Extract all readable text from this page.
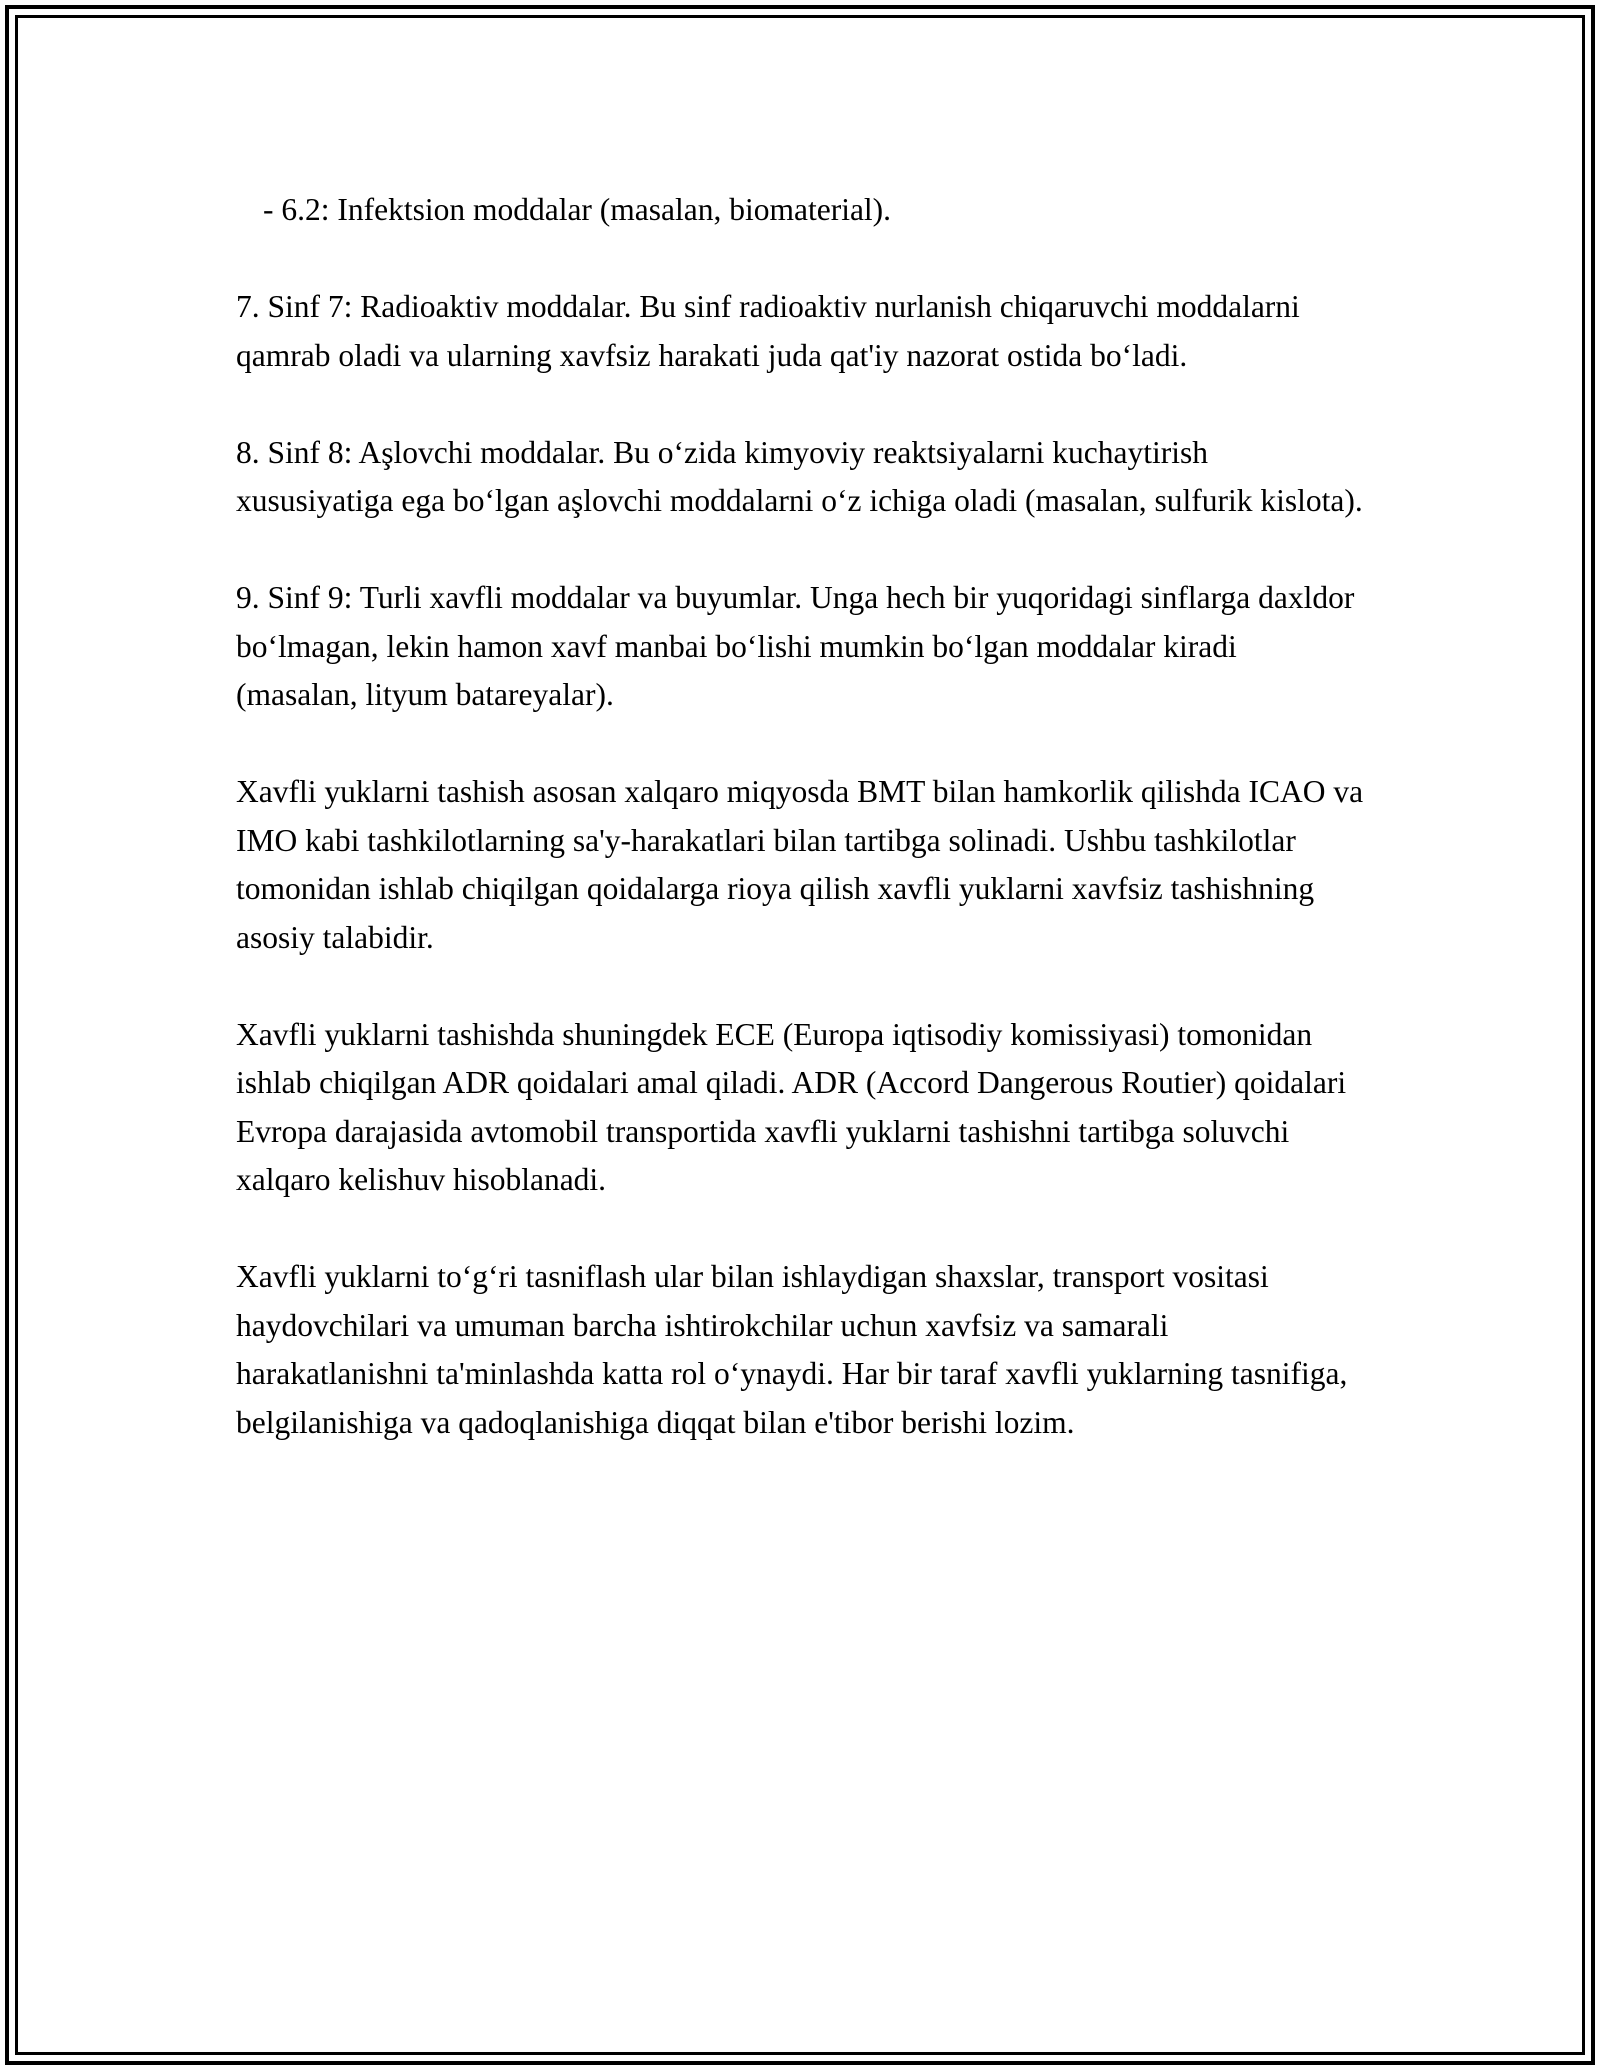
- 6.2: Infektsion moddalar (masalan, biomaterial).

7. Sinf 7: Radioaktiv moddalar. Bu sinf radioaktiv nurlanish chiqaruvchi moddalarni qamrab oladi va ularning xavfsiz harakati juda qat'iy nazorat ostida bo‘ladi.

8. Sinf 8: Aşlovchi moddalar. Bu o‘zida kimyoviy reaktsiyalarni kuchaytirish xususiyatiga ega bo‘lgan aşlovchi moddalarni o‘z ichiga oladi (masalan, sulfurik kislota).

9. Sinf 9: Turli xavfli moddalar va buyumlar. Unga hech bir yuqoridagi sinflarga daxldor bo‘lmagan, lekin hamon xavf manbai bo‘lishi mumkin bo‘lgan moddalar kiradi (masalan, lityum batareyalar).

Xavfli yuklarni tashish asosan xalqaro miqyosda BMT bilan hamkorlik qilishda ICAO va IMO kabi tashkilotlarning sa'y-harakatlari bilan tartibga solinadi. Ushbu tashkilotlar tomonidan ishlab chiqilgan qoidalarga rioya qilish xavfli yuklarni xavfsiz tashishning asosiy talabidir.

Xavfli yuklarni tashishda shuningdek ECE (Europa iqtisodiy komissiyasi) tomonidan ishlab chiqilgan ADR qoidalari amal qiladi. ADR (Accord Dangerous Routier) qoidalari Evropa darajasida avtomobil transportida xavfli yuklarni tashishni tartibga soluvchi xalqaro kelishuv hisoblanadi.

Xavfli yuklarni to‘g‘ri tasniflash ular bilan ishlaydigan shaxslar, transport vositasi haydovchilari va umuman barcha ishtirokchilar uchun xavfsiz va samarali harakatlanishni ta'minlashda katta rol o‘ynaydi. Har bir taraf xavfli yuklarning tasnifiga, belgilanishiga va qadoqlanishiga diqqat bilan e'tibor berishi lozim.
